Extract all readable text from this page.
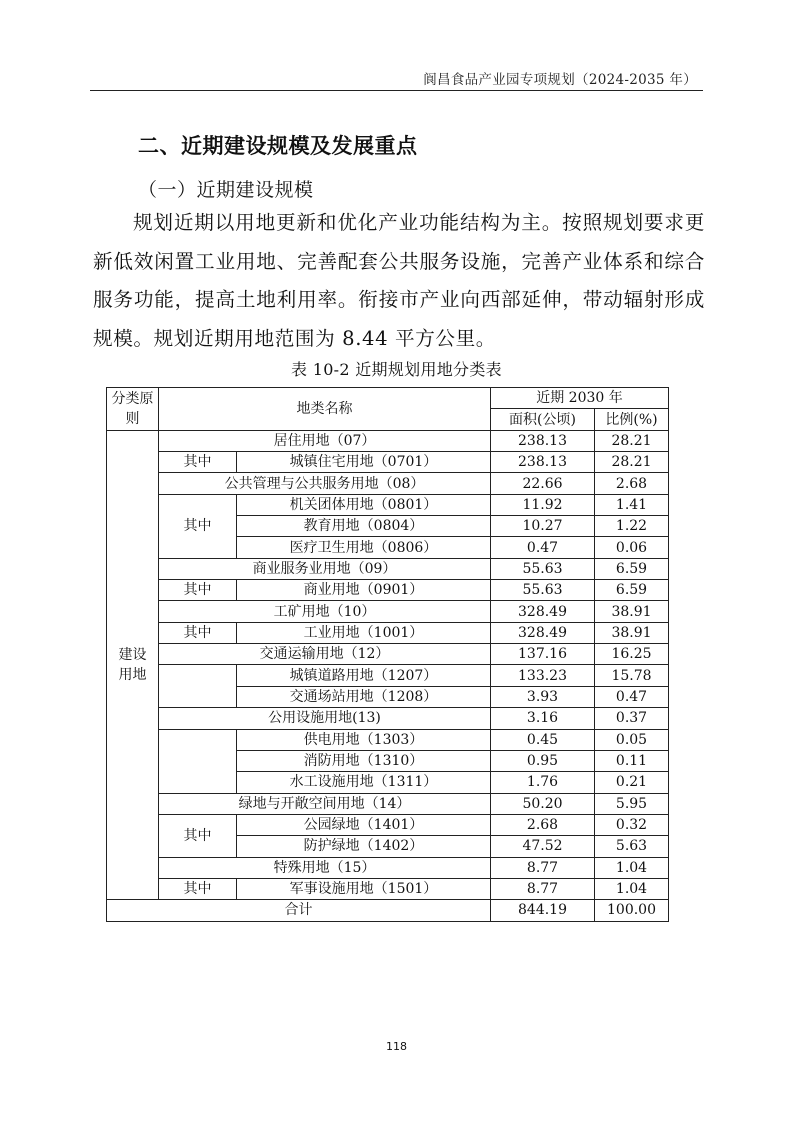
阆昌食品产业园专项规划（2024-2035 年）
二、近期建设规模及发展重点
（一）近期建设规模

规划近期以用地更新和优化产业功能结构为主。按照规划要求更新低效闲置工业用地、完善配套公共服务设施，完善产业体系和综合服务功能，提高土地利用率。衔接市产业向西部延伸，带动辐射形成规模。规划近期用地范围为 8.44 平方公里。

表 10-2 近期规划用地分类表
分类原则	地类名称		近期 2030 年	
			面积(公顷)	比例(%)
建设用地	居住用地（07）		238.13	28.21
	其中	城镇住宅用地（0701）	238.13	28.21
	公共管理与公共服务用地（08）		22.66	2.68
	其中	机关团体用地（0801）	11.92	1.41
		教育用地（0804）	10.27	1.22
		医疗卫生用地（0806）	0.47	0.06
	商业服务业用地（09）		55.63	6.59
	其中	商业用地（0901）	55.63	6.59
	工矿用地（10）		328.49	38.91
	其中	工业用地（1001）	328.49	38.91
	交通运输用地（12）		137.16	16.25
		城镇道路用地（1207）	133.23	15.78
		交通场站用地（1208）	3.93	0.47
	公用设施用地(13)		3.16	0.37
		供电用地（1303）	0.45	0.05
		消防用地（1310）	0.95	0.11
		水工设施用地（1311）	1.76	0.21
	绿地与开敞空间用地（14）		50.20	5.95
	其中	公园绿地（1401）	2.68	0.32
		防护绿地（1402）	47.52	5.63
	特殊用地（15）		8.77	1.04
	其中	军事设施用地（1501）	8.77	1.04
合计			844.19	100.00
118
